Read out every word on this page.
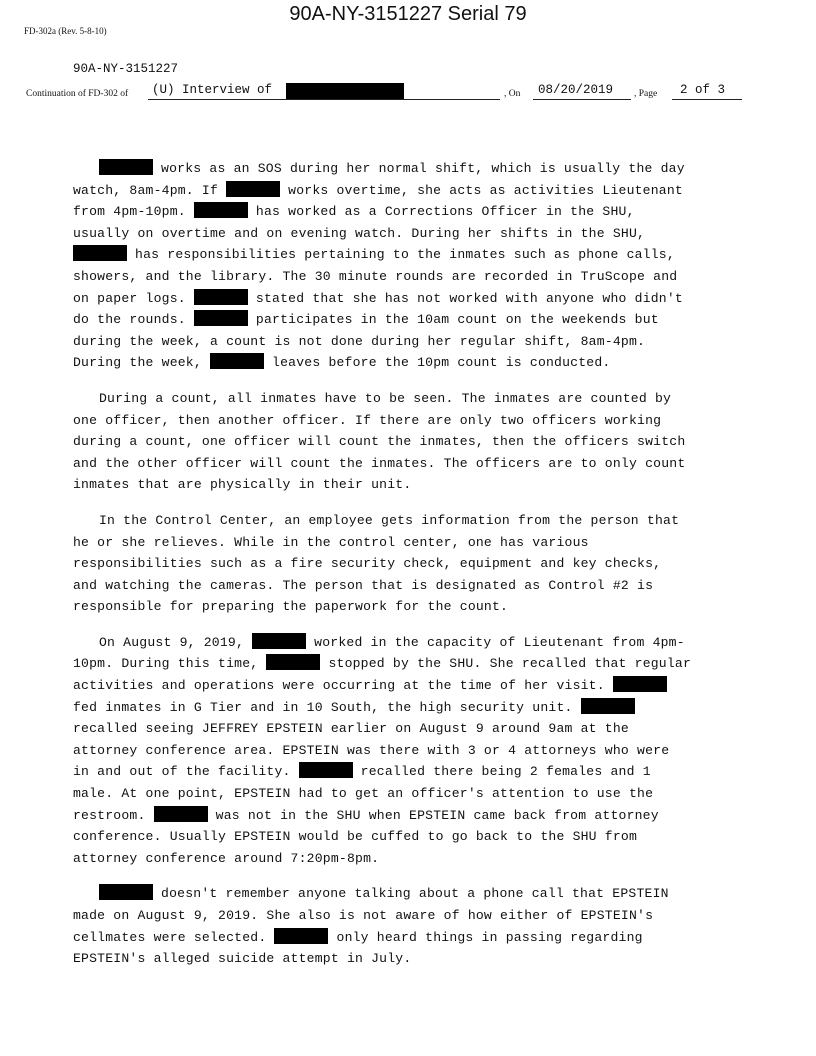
90A-NY-3151227 Serial 79
FD-302a (Rev. 5-8-10)
90A-NY-3151227
Continuation of FD-302 of (U) Interview of	, On 08/20/2019 , Page 2 of 3
works as an SOS during her normal shift, which is usually the day
watch, 8am-4pm. If	works overtime, she acts as activities Lieutenant
from 4pm-10pm.	has worked as a Corrections Officer in the SHU,
usually on overtime and on evening watch. During her shifts in the SHU,
has responsibilities pertaining to the inmates such as phone calls,
showers, and the library. The 30 minute rounds are recorded in TruScope and
on paper logs.	stated that she has not worked with anyone who didn't
do the rounds.	participates in the 10am count on the weekends but
during the week, a count is not done during her regular shift, 8am-4pm.
During the week,	leaves before the 10pm count is conducted.
During a count, all inmates have to be seen. The inmates are counted by
one officer, then another officer. If there are only two officers working
during a count, one officer will count the inmates, then the officers switch
and the other officer will count the inmates. The officers are to only count
inmates that are physically in their unit.
In the Control Center, an employee gets information from the person that
he or she relieves. While in the control center, one has various
responsibilities such as a fire security check, equipment and key checks,
and watching the cameras. The person that is designated as Control #2 is
responsible for preparing the paperwork for the count.
On August 9, 2019,	worked in the capacity of Lieutenant from 4pm-
10pm. During this time,	stopped by the SHU. She recalled that regular
activities and operations were occurring at the time of her visit.
fed inmates in G Tier and in 10 South, the high security unit.
recalled seeing JEFFREY EPSTEIN earlier on August 9 around 9am at the
attorney conference area. EPSTEIN was there with 3 or 4 attorneys who were
in and out of the facility.	recalled there being 2 females and 1
male. At one point, EPSTEIN had to get an officer's attention to use the
restroom.	was not in the SHU when EPSTEIN came back from attorney
conference. Usually EPSTEIN would be cuffed to go back to the SHU from
attorney conference around 7:20pm-8pm.
doesn't remember anyone talking about a phone call that EPSTEIN
made on August 9, 2019. She also is not aware of how either of EPSTEIN's
cellmates were selected.	only heard things in passing regarding
EPSTEIN's alleged suicide attempt in July.
